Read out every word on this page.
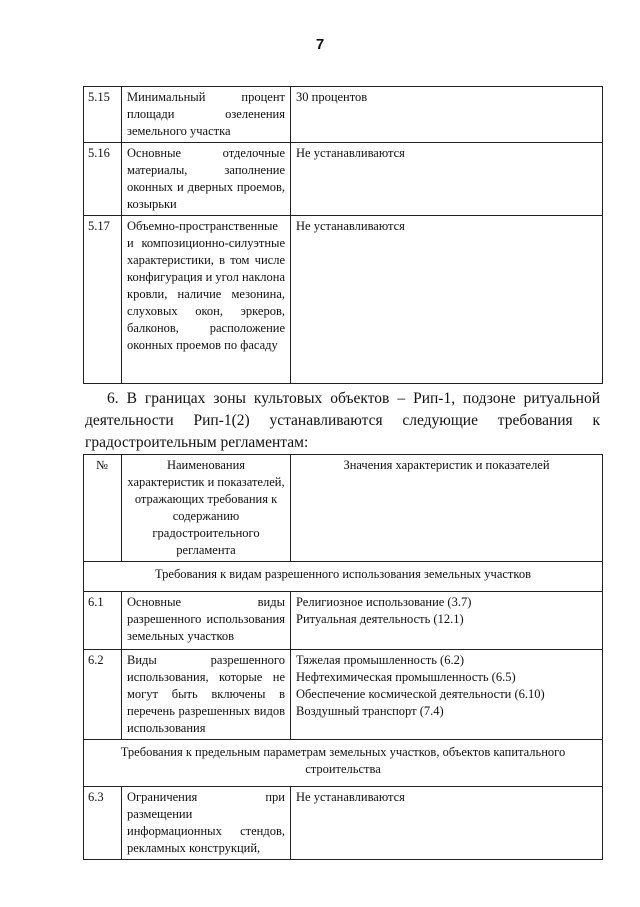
7
5.15	Минимальный процент площади озеленения земельного участка	30 процентов
5.16	Основные отделочные материалы, заполнение оконных и дверных проемов, козырьки	Не устанавливаются
5.17	Объемно-пространственные и композиционно-силуэтные характеристики, в том числе конфигурация и угол наклона кровли, наличие мезонина, слуховых окон, эркеров, балконов, расположение оконных проемов по фасаду	Не устанавливаются
6. В границах зоны культовых объектов – Рип-1, подзоне ритуальной деятельности Рип-1(2) устанавливаются следующие требования к градостроительным регламентам:
№	Наименования характеристик и показателей, отражающих требования к содержанию градостроительного регламента	Значения характеристик и показателей
Требования к видам разрешенного использования земельных участков		
6.1	Основные виды разрешенного использования земельных участков	Религиозное использование (3.7)
Ритуальная деятельность (12.1)

6.2	Виды разрешенного использования, которые не могут быть включены в перечень разрешенных видов использования	Тяжелая промышленность (6.2)
Нефтехимическая промышленность (6.5)
Обеспечение космической деятельности (6.10)
Воздушный транспорт (7.4)

Требования к предельным параметрам земельных участков, объектов капитального строительства		
6.3	Ограничения при размещении информационных стендов, рекламных конструкций,	Не устанавливаются
